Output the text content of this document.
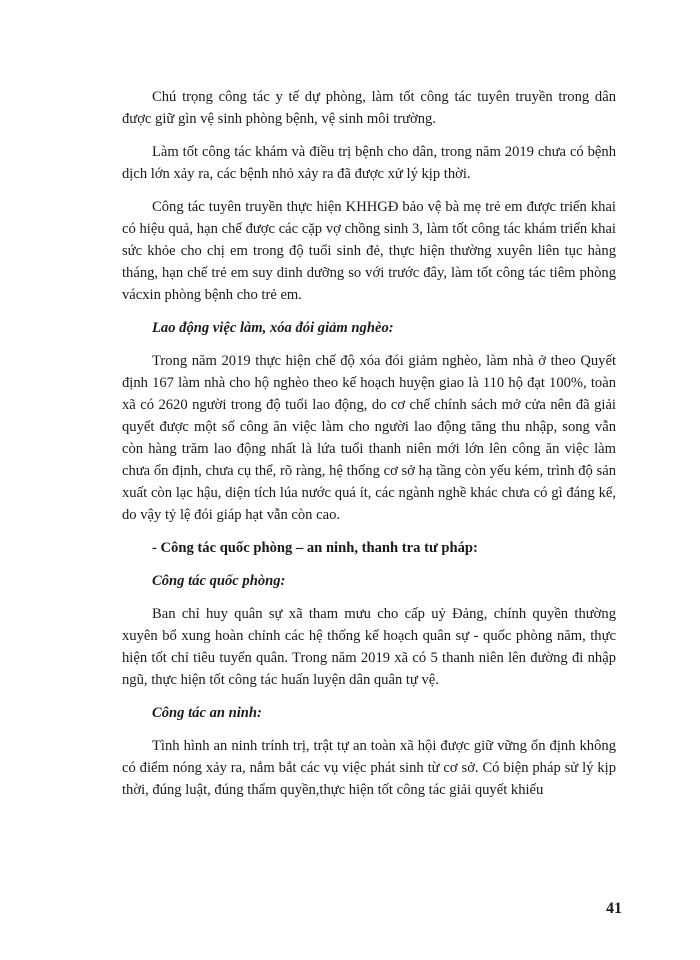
Chú trọng công tác y tế dự phòng, làm tốt công tác tuyên truyền trong dân được giữ gìn vệ sinh phòng bệnh, vệ sinh môi trường.

Làm tốt công tác khám và điều trị bệnh cho dân, trong năm 2019 chưa có bệnh dịch lớn xảy ra, các bệnh nhỏ xảy ra đã được xử lý kịp thời.

Công tác tuyên truyền thực hiện KHHGĐ bảo vệ bà mẹ trẻ em được triển khai có hiệu quả, hạn chế được các cặp vợ chồng sinh 3, làm tốt công tác khám triển khai sức khỏe cho chị em trong độ tuổi sinh đẻ, thực hiện thường xuyên liên tục hàng tháng, hạn chế trẻ em suy dinh dưỡng so với trước đây, làm tốt công tác tiêm phòng vácxin phòng bệnh cho trẻ em.

Lao động việc làm, xóa đói giảm nghèo:

Trong năm 2019 thực hiện chế độ xóa đói giảm nghèo, làm nhà ở theo Quyết định 167 làm nhà cho hộ nghèo theo kế hoạch huyện giao là 110 hộ đạt 100%, toàn xã có 2620 người trong độ tuổi lao động, do cơ chế chính sách mở cửa nên đã giải quyết được một số công ăn việc làm cho người lao động tăng thu nhập, song vẫn còn hàng trăm lao động nhất là lứa tuổi thanh niên mới lớn lên công ăn việc làm chưa ổn định, chưa cụ thể, rõ ràng, hệ thống cơ sở hạ tầng còn yếu kém, trình độ sản xuất còn lạc hậu, diện tích lúa nước quá ít, các ngành nghề khác chưa có gì đáng kể, do vậy tỷ lệ đói giáp hạt vẫn còn cao.

- Công tác quốc phòng – an ninh, thanh tra tư pháp:

Công tác quốc phòng:

Ban chỉ huy quân sự xã tham mưu cho cấp uỷ Đảng, chính quyền thường xuyên bổ xung hoàn chỉnh các hệ thống kế hoạch quân sự - quốc phòng năm, thực hiện tốt chỉ tiêu tuyển quân. Trong năm 2019 xã có 5 thanh niên lên đường đi nhập ngũ, thực hiện tốt công tác huấn luyện dân quân tự vệ.

Công tác an ninh:

Tình hình an ninh trính trị, trật tự an toàn xã hội được giữ vững ổn định không có điểm nóng xảy ra, nắm bắt các vụ việc phát sinh từ cơ sở. Có biện pháp sử lý kịp thời, đúng luật, đúng thẩm quyền,thực hiện tốt công tác giải quyết khiếu

41
